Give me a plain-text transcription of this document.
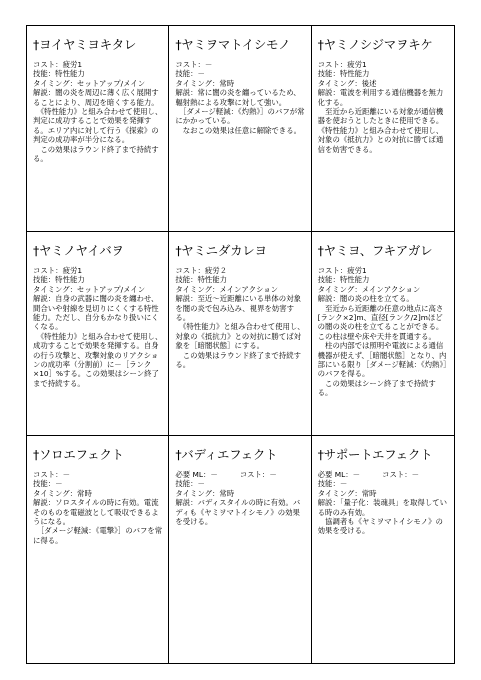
†ヨイヤミヨキタレ
コスト：疲労1
技能：特性能力
タイミング：セットアップ/メイン
解説：闇の炎を周辺に薄く広く展開することにより、周辺を暗くする能力。
　《特性能力》と組み合わせて使用し、判定に成功することで効果を発揮する。エリア内に対して行う《探索》の判定の成功率が半分になる。
　この効果はラウンド終了まで持続する。
†ヤミヲマトイシモノ
コスト：－
技能：－
タイミング：常時
解説：常に闇の炎を纏っているため、輻射熱による攻撃に対して強い。
　［ダメージ軽減：《灼熱》］のバフが常にかかっている。
　なおこの効果は任意に解除できる。
†ヤミノシジマヲキケ
コスト：疲労1
技能：特性能力
タイミング：後述
解説：電波を利用する通信機器を無力化する。
　至近から近距離にいる対象が通信機器を使おうとしたときに使用できる。《特性能力》と組み合わせて使用し、対象の《抵抗力》との対抗に勝てば通信を妨害できる。
†ヤミノヤイバヲ
コスト：疲労1
技能：特性能力
タイミング：セットアップ/メイン
解説：自身の武器に闇の炎を纏わせ、間合いや射線を見切りにくくする特性能力。ただし、自分もかなり扱いにくくなる。
　《特性能力》と組み合わせて使用し、成功することで効果を発揮する。自身の行う攻撃と、攻撃対象のリアクションの成功率（分割前）に－［ランク×10］%する。この効果はシーン終了まで持続する。
†ヤミニダカレヨ
コスト：疲労２
技能：特性能力
タイミング：メインアクション
解説：至近～近距離にいる単体の対象を闇の炎で包み込み、視界を妨害する。
　《特性能力》と組み合わせて使用し、対象の《抵抗力》との対抗に勝てば対象を［暗闇状態］にする。
　この効果はラウンド終了まで持続する。
†ヤミヨ、フキアガレ
コスト：疲労1
技能：特性能力
タイミング：メインアクション
解説：闇の炎の柱を立てる。
　至近から近距離の任意の地点に高さ[ランク×2]m、直径[ランク/2]mほどの闇の炎の柱を立てることができる。この柱は壁や床や天井を貫通する。
　柱の内部では照明や電波による通信機器が使えず、［暗闇状態］となり、内部にいる限り［ダメージ軽減：《灼熱》］のバフを得る。
　この効果はシーン終了まで持続する。
†ソロエフェクト
コスト：－
技能：－
タイミング：常時
解説：ソロスタイルの時に有効。電流そのものを電磁波として吸収できるようになる。
　［ダメージ軽減：《電撃》］のバフを常に得る。
†バディエフェクト
必要 ML：－	コスト：－
技能：－
タイミング：常時
解説：バディスタイルの時に有効。バディも《ヤミヲマトイシモノ》の効果を受ける。
†サポートエフェクト
必要 ML：－	コスト：－
技能：－
タイミング：常時
解説：「量子化：装魂具」を取得している時のみ有効。
　協調者も《ヤミヲマトイシモノ》の効果を受ける。
